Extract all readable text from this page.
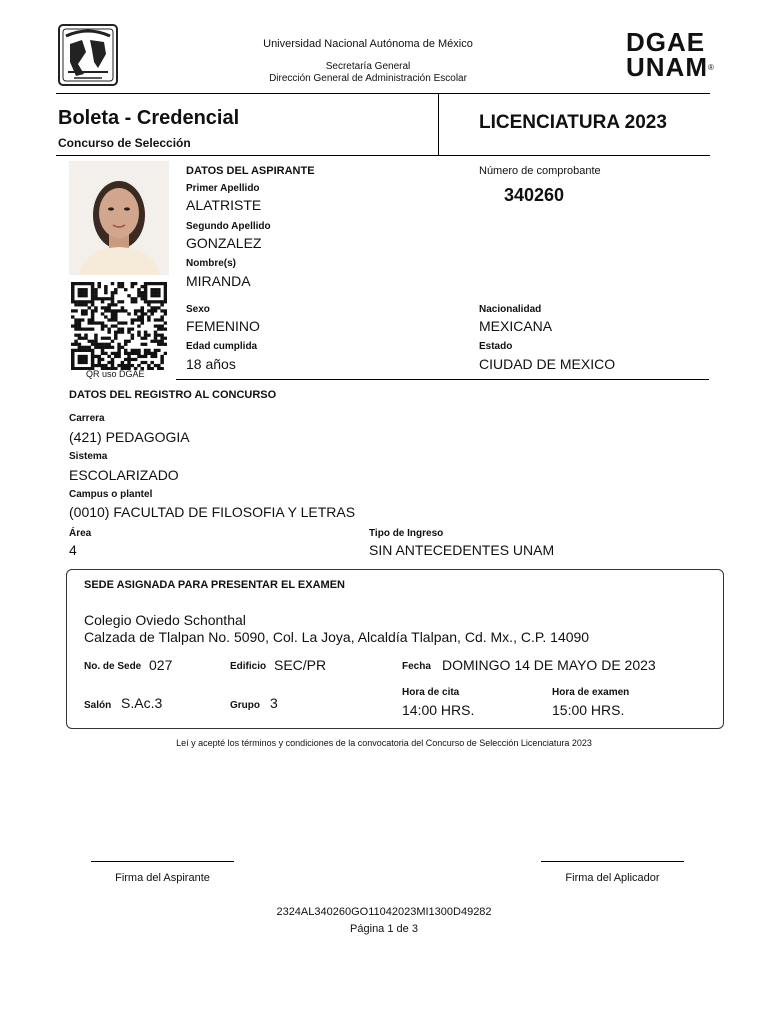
Universidad Nacional Autónoma de México
Secretaría General
Dirección General de Administración Escolar
DGAE
UNAM®
Boleta - Credencial
Concurso de Selección
LICENCIATURA 2023
QR uso DGAE
DATOS DEL ASPIRANTE
Primer Apellido
ALATRISTE
Segundo Apellido
GONZALEZ
Nombre(s)
MIRANDA
Sexo
FEMENINO
Edad cumplida
18 años
Número de comprobante
340260
Nacionalidad
MEXICANA
Estado
CIUDAD DE MEXICO
DATOS DEL REGISTRO AL CONCURSO
Carrera
(421) PEDAGOGIA
Sistema
ESCOLARIZADO
Campus o plantel
(0010) FACULTAD DE FILOSOFIA Y LETRAS
Área
4
Tipo de Ingreso
SIN ANTECEDENTES UNAM
SEDE ASIGNADA PARA PRESENTAR EL EXAMEN
Colegio Oviedo Schonthal
Calzada de Tlalpan No. 5090, Col. La Joya, Alcaldía Tlalpan, Cd. Mx., C.P. 14090
No. de Sede 027	Edificio SEC/PR	Fecha DOMINGO 14 DE MAYO DE 2023
Salón S.Ac.3	Grupo 3
Hora de cita
14:00 HRS.
Hora de examen
15:00 HRS.
Leí y acepté los términos y condiciones de la convocatoria del Concurso de Selección Licenciatura 2023
Firma del Aspirante	Firma del Aplicador
2324AL340260GO11042023MI1300D49282
Página 1 de 3
